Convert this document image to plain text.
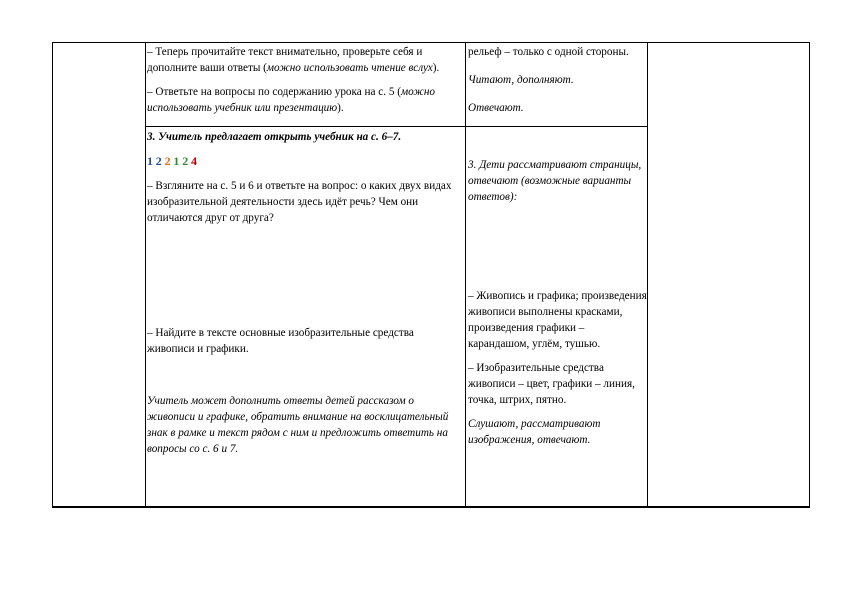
– Теперь прочитайте текст внимательно, проверьте себя и дополните ваши ответы (можно использовать чтение вслух).

– Ответьте на вопросы по содержанию урока на с. 5 (можно использовать учебник или презентацию).

рельеф – только с одной стороны.

Читают, дополняют.

Отвечают.

3. Учитель предлагает открыть учебник на с. 6–7.

1 2 2 1 2 4

– Взгляните на с. 5 и 6 и ответьте на вопрос: о каких двух видах изобразительной деятельности здесь идёт речь? Чем они отличаются друг от друга?

– Найдите в тексте основные изобразительные средства живописи и графики.

Учитель может дополнить ответы детей рассказом о живописи и графике, обратить внимание на восклицательный знак в рамке и текст рядом с ним и предложить ответить на вопросы со с. 6 и 7.

3. Дети рассматривают страницы, отвечают (возможные варианты ответов):

– Живопись и графика; произведения живописи выполнены красками, произведения графики – карандашом, углём, тушью.

– Изобразительные средства живописи – цвет, графики – линия, точка, штрих, пятно.

Слушают, рассматривают изображения, отвечают.
